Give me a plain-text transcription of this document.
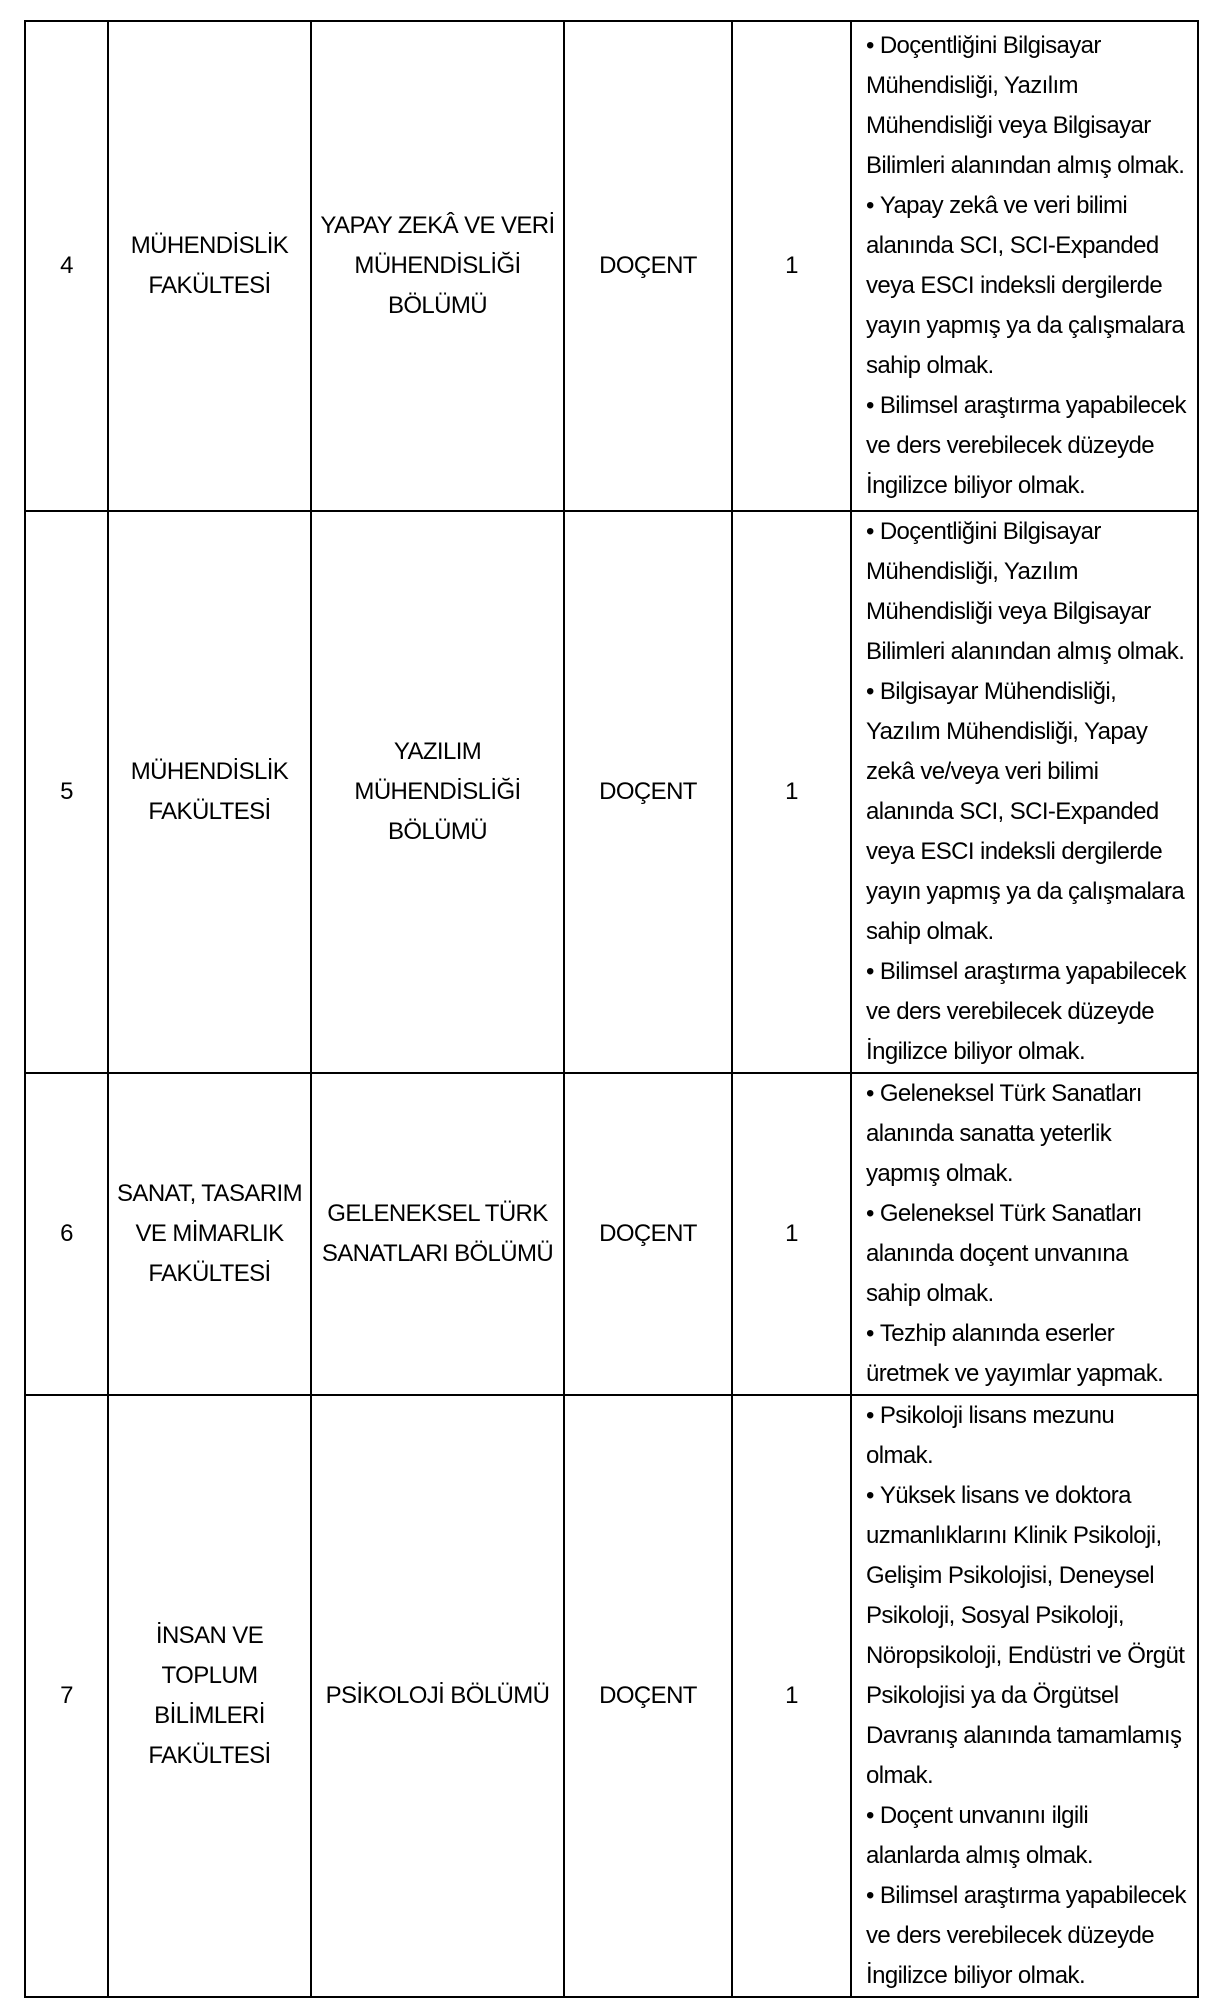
4	MÜHENDİSLİK FAKÜLTESİ	YAPAY ZEKÂ VE VERİ MÜHENDİSLİĞİ BÖLÜMÜ	DOÇENT	1	• Doçentliğini Bilgisayar Mühendisliği, Yazılım Mühendisliği veya Bilgisayar Bilimleri alanından almış olmak.
• Yapay zekâ ve veri bilimi alanında SCI, SCI-Expanded veya ESCI indeksli dergilerde yayın yapmış ya da çalışmalara sahip olmak.
• Bilimsel araştırma yapabilecek ve ders verebilecek düzeyde İngilizce biliyor olmak.

5	MÜHENDİSLİK FAKÜLTESİ	YAZILIM MÜHENDİSLİĞİ BÖLÜMÜ	DOÇENT	1	• Doçentliğini Bilgisayar Mühendisliği, Yazılım Mühendisliği veya Bilgisayar Bilimleri alanından almış olmak.
• Bilgisayar Mühendisliği, Yazılım Mühendisliği, Yapay zekâ ve/veya veri bilimi alanında SCI, SCI-Expanded veya ESCI indeksli dergilerde yayın yapmış ya da çalışmalara sahip olmak.
• Bilimsel araştırma yapabilecek ve ders verebilecek düzeyde İngilizce biliyor olmak.

6	SANAT, TASARIM VE MİMARLIK FAKÜLTESİ	GELENEKSEL TÜRK SANATLARI BÖLÜMÜ	DOÇENT	1	• Geleneksel Türk Sanatları alanında sanatta yeterlik yapmış olmak.
• Geleneksel Türk Sanatları alanında doçent unvanına sahip olmak.
• Tezhip alanında eserler üretmek ve yayımlar yapmak.

7	İNSAN VE TOPLUM BİLİMLERİ FAKÜLTESİ	PSİKOLOJİ BÖLÜMÜ	DOÇENT	1	• Psikoloji lisans mezunu olmak.
• Yüksek lisans ve doktora uzmanlıklarını Klinik Psikoloji, Gelişim Psikolojisi, Deneysel Psikoloji, Sosyal Psikoloji, Nöropsikoloji, Endüstri ve Örgüt Psikolojisi ya da Örgütsel Davranış alanında tamamlamış olmak.
• Doçent unvanını ilgili alanlarda almış olmak.
• Bilimsel araştırma yapabilecek ve ders verebilecek düzeyde İngilizce biliyor olmak.
